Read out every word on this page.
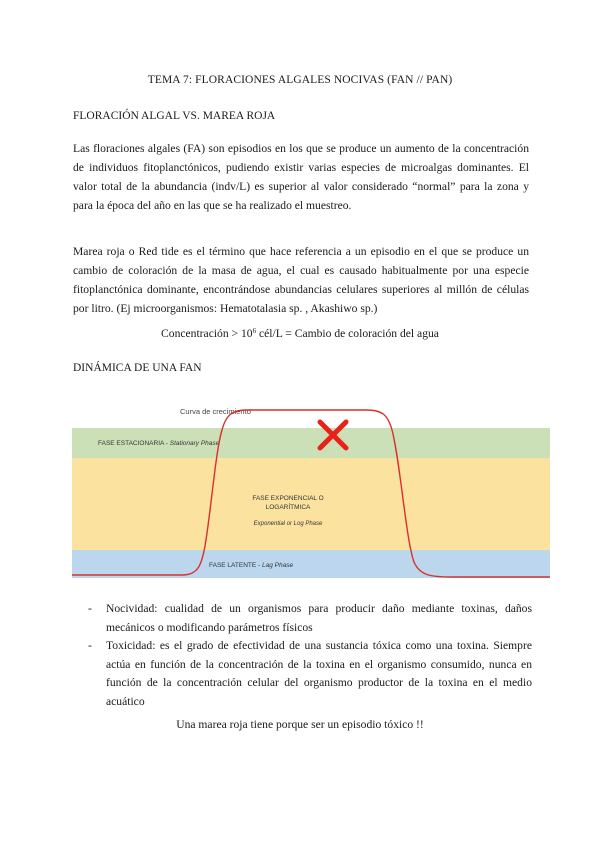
TEMA 7: FLORACIONES ALGALES NOCIVAS (FAN // PAN)
FLORACIÓN ALGAL VS. MAREA ROJA
Las floraciones algales (FA) son episodios en los que se produce un aumento de la concentración de individuos fitoplanctónicos, pudiendo existir varias especies de microalgas dominantes. El valor total de la abundancia (indv/L) es superior al valor considerado “normal” para la zona y para la época del año en las que se ha realizado el muestreo.
Marea roja o Red tide es el término que hace referencia a un episodio en el que se produce un cambio de coloración de la masa de agua, el cual es causado habitualmente por una especie fitoplanctónica dominante, encontrándose abundancias celulares superiores al millón de células por litro. (Ej microorganismos: Hematotalasia sp. , Akashiwo sp.)
Concentración > $10^6$ cél/L = Cambio de coloración del agua
DINÁMICA DE UNA FAN
Curva de crecimiento
FASE ESTACIONARIA - Stationary Phase
FASE EXPONENCIAL O
LOGARÍTMICA
Exponential or Log Phase
FASE LATENTE - Lag Phase
- Nocividad: cualidad de un organismos para producir daño mediante toxinas, daños mecánicos o modificando parámetros físicos
- Toxicidad: es el grado de efectividad de una sustancia tóxica como una toxina. Siempre actúa en función de la concentración de la toxina en el organismo consumido, nunca en función de la concentración celular del organismo productor de la toxina en el medio acuático
Una marea roja tiene porque ser un episodio tóxico !!
